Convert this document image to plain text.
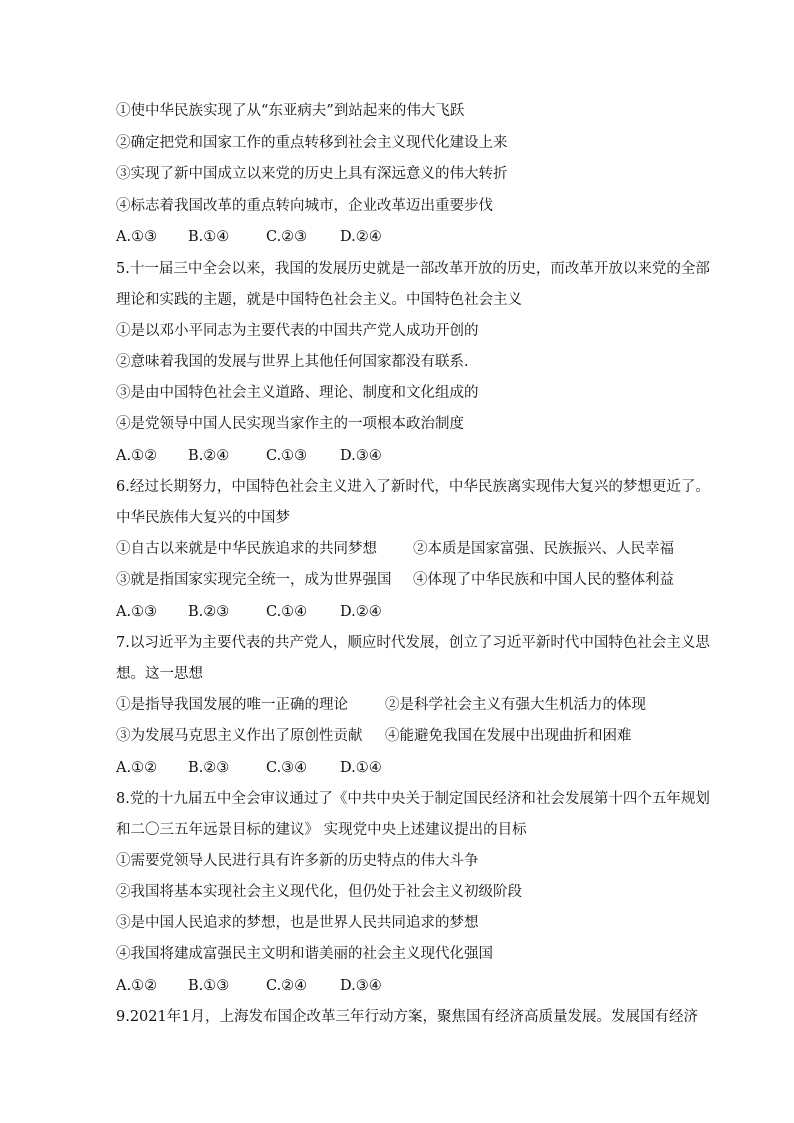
①使中华民族实现了从“东亚病夫”到站起来的伟大飞跃
②确定把党和国家工作的重点转移到社会主义现代化建设上来
③实现了新中国成立以来党的历史上具有深远意义的伟大转折
④标志着我国改革的重点转向城市，企业改革迈出重要步伐
A.①③ B.①④	C.②③ D.②④
5.十一届三中全会以来，我国的发展历史就是一部改革开放的历史，而改革开放以来党的全部
理论和实践的主题，就是中国特色社会主义。中国特色社会主义
①是以邓小平同志为主要代表的中国共产党人成功开创的
②意味着我国的发展与世界上其他任何国家都没有联系.
③是由中国特色社会主义道路、理论、制度和文化组成的
④是党领导中国人民实现当家作主的一项根本政治制度
A.①② B.②④	C.①③ D.③④
6.经过长期努力，中国特色社会主义进入了新时代，中华民族离实现伟大复兴的梦想更近了。
中华民族伟大复兴的中国梦
①自古以来就是中华民族追求的共同梦想 ②本质是国家富强、民族振兴、人民幸福
③就是指国家实现完全统一，成为世界强国 ④体现了中华民族和中国人民的整体利益
A.①③ B.②③	C.①④ D.②④
7.以习近平为主要代表的共产党人，顺应时代发展，创立了习近平新时代中国特色社会主义思
想。这一思想
①是指导我国发展的唯一正确的理论	②是科学社会主义有强大生机活力的体现
③为发展马克思主义作出了原创性贡献 ④能避免我国在发展中出现曲折和困难
A.①② B.②③	C.③④ D.①④
8.党的十九届五中全会审议通过了《中共中央关于制定国民经济和社会发展第十四个五年规划
和二〇三五年远景目标的建议》 实现党中央上述建议提出的目标
①需要党领导人民进行具有许多新的历史特点的伟大斗争
②我国将基本实现社会主义现代化，但仍处于社会主义初级阶段
③是中国人民追求的梦想，也是世界人民共同追求的梦想
④我国将建成富强民主文明和谐美丽的社会主义现代化强国
A.①② B.①③	C.②④ D.③④
9.2021年1月，上海发布国企改革三年行动方案，聚焦国有经济高质量发展。发展国有经济
